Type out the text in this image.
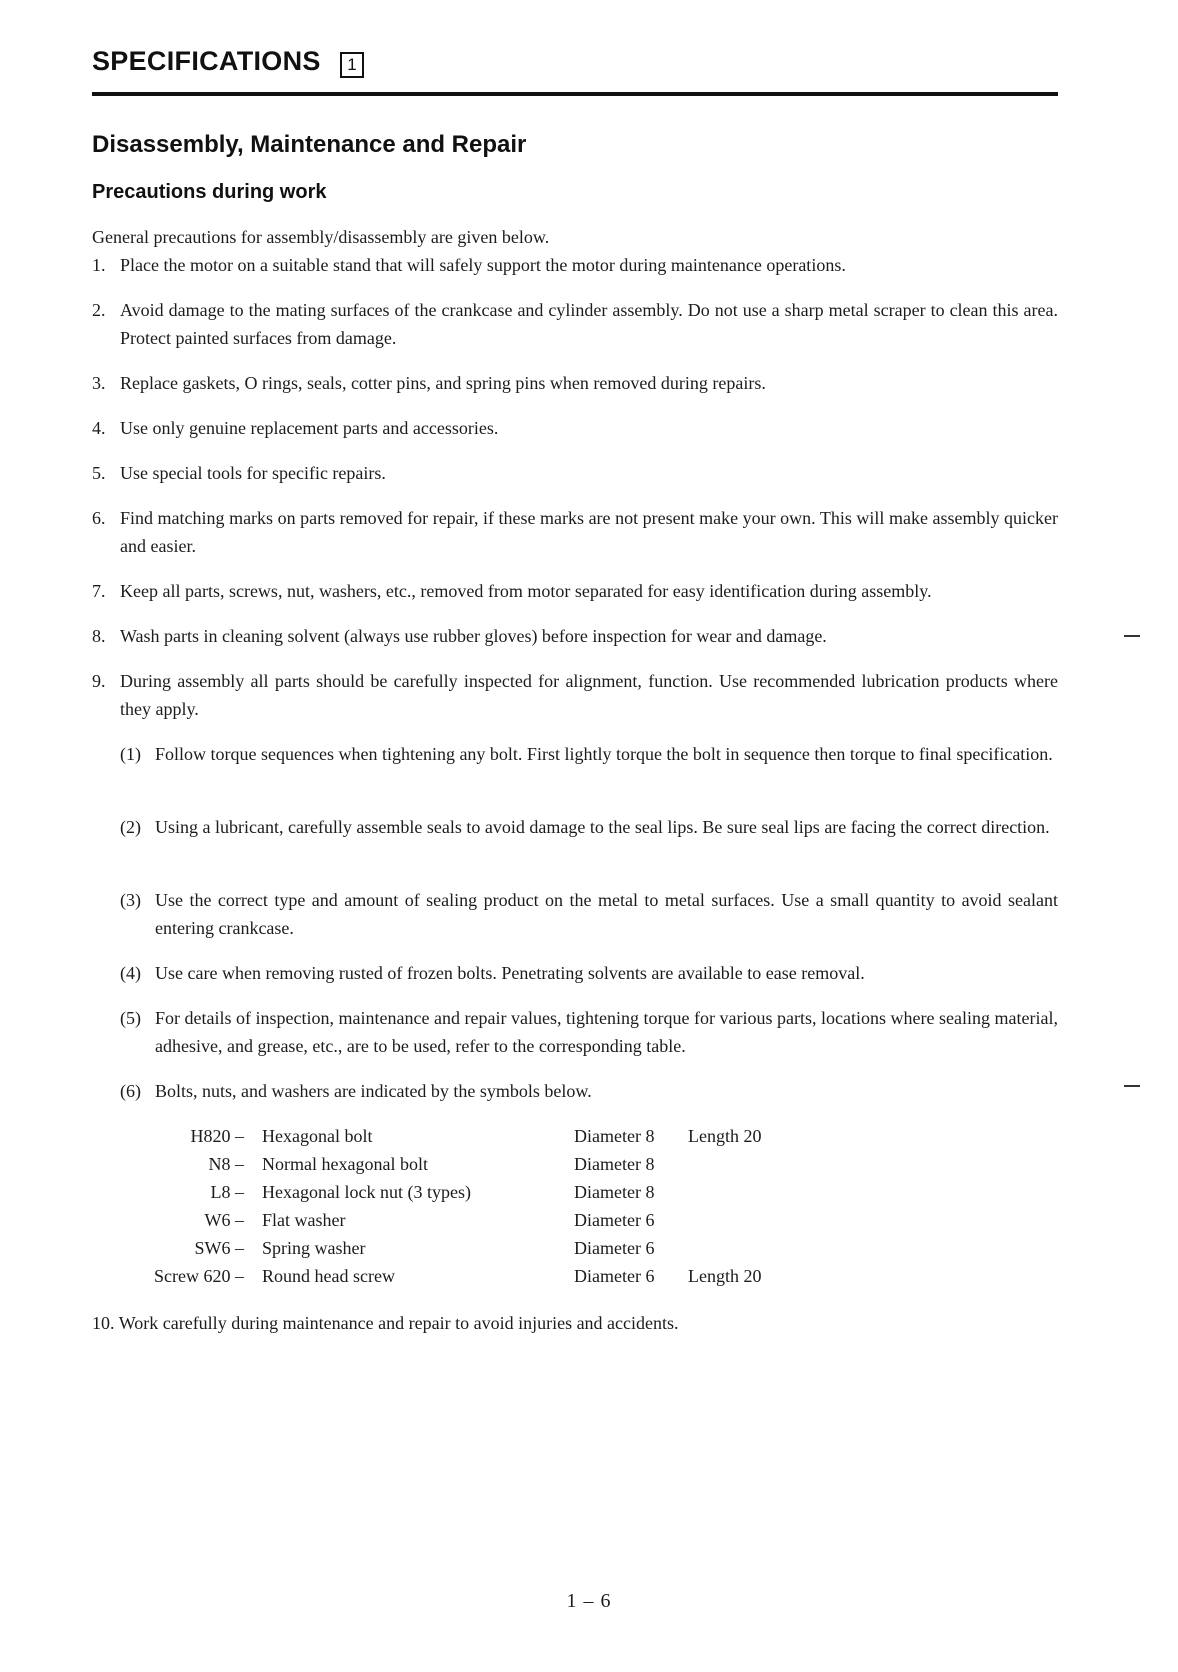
SPECIFICATIONS	1
Disassembly, Maintenance and Repair
Precautions during work
General precautions for assembly/disassembly are given below.
1. Place the motor on a suitable stand that will safely support the motor during maintenance operations.
2. Avoid damage to the mating surfaces of the crankcase and cylinder assembly. Do not use a sharp metal scraper to clean this area. Protect painted surfaces from damage.
3. Replace gaskets, O rings, seals, cotter pins, and spring pins when removed during repairs.
4. Use only genuine replacement parts and accessories.
5. Use special tools for specific repairs.
6. Find matching marks on parts removed for repair, if these marks are not present make your own. This will make assembly quicker and easier.
7. Keep all parts, screws, nut, washers, etc., removed from motor separated for easy identification during assembly.
8. Wash parts in cleaning solvent (always use rubber gloves) before inspection for wear and damage.
9. During assembly all parts should be carefully inspected for alignment, function. Use recommended lubrication products where they apply.
(1) Follow torque sequences when tightening any bolt. First lightly torque the bolt in sequence then torque to final specification.
(2) Using a lubricant, carefully assemble seals to avoid damage to the seal lips. Be sure seal lips are facing the correct direction.
(3) Use the correct type and amount of sealing product on the metal to metal surfaces. Use a small quantity to avoid sealant entering crankcase.
(4) Use care when removing rusted of frozen bolts. Penetrating solvents are available to ease removal.
(5) For details of inspection, maintenance and repair values, tightening torque for various parts, locations where sealing material, adhesive, and grease, etc., are to be used, refer to the corresponding table.
(6) Bolts, nuts, and washers are indicated by the symbols below.
H820 – Hexagonal bolt	Diameter 8 Length 20
N8 – Normal hexagonal bolt	Diameter 8
L8 – Hexagonal lock nut (3 types)	Diameter 8
W6 – Flat washer	Diameter 6
SW6 – Spring washer	Diameter 6
Screw 620 – Round head screw	Diameter 6 Length 20
10. Work carefully during maintenance and repair to avoid injuries and accidents.
1 – 6
